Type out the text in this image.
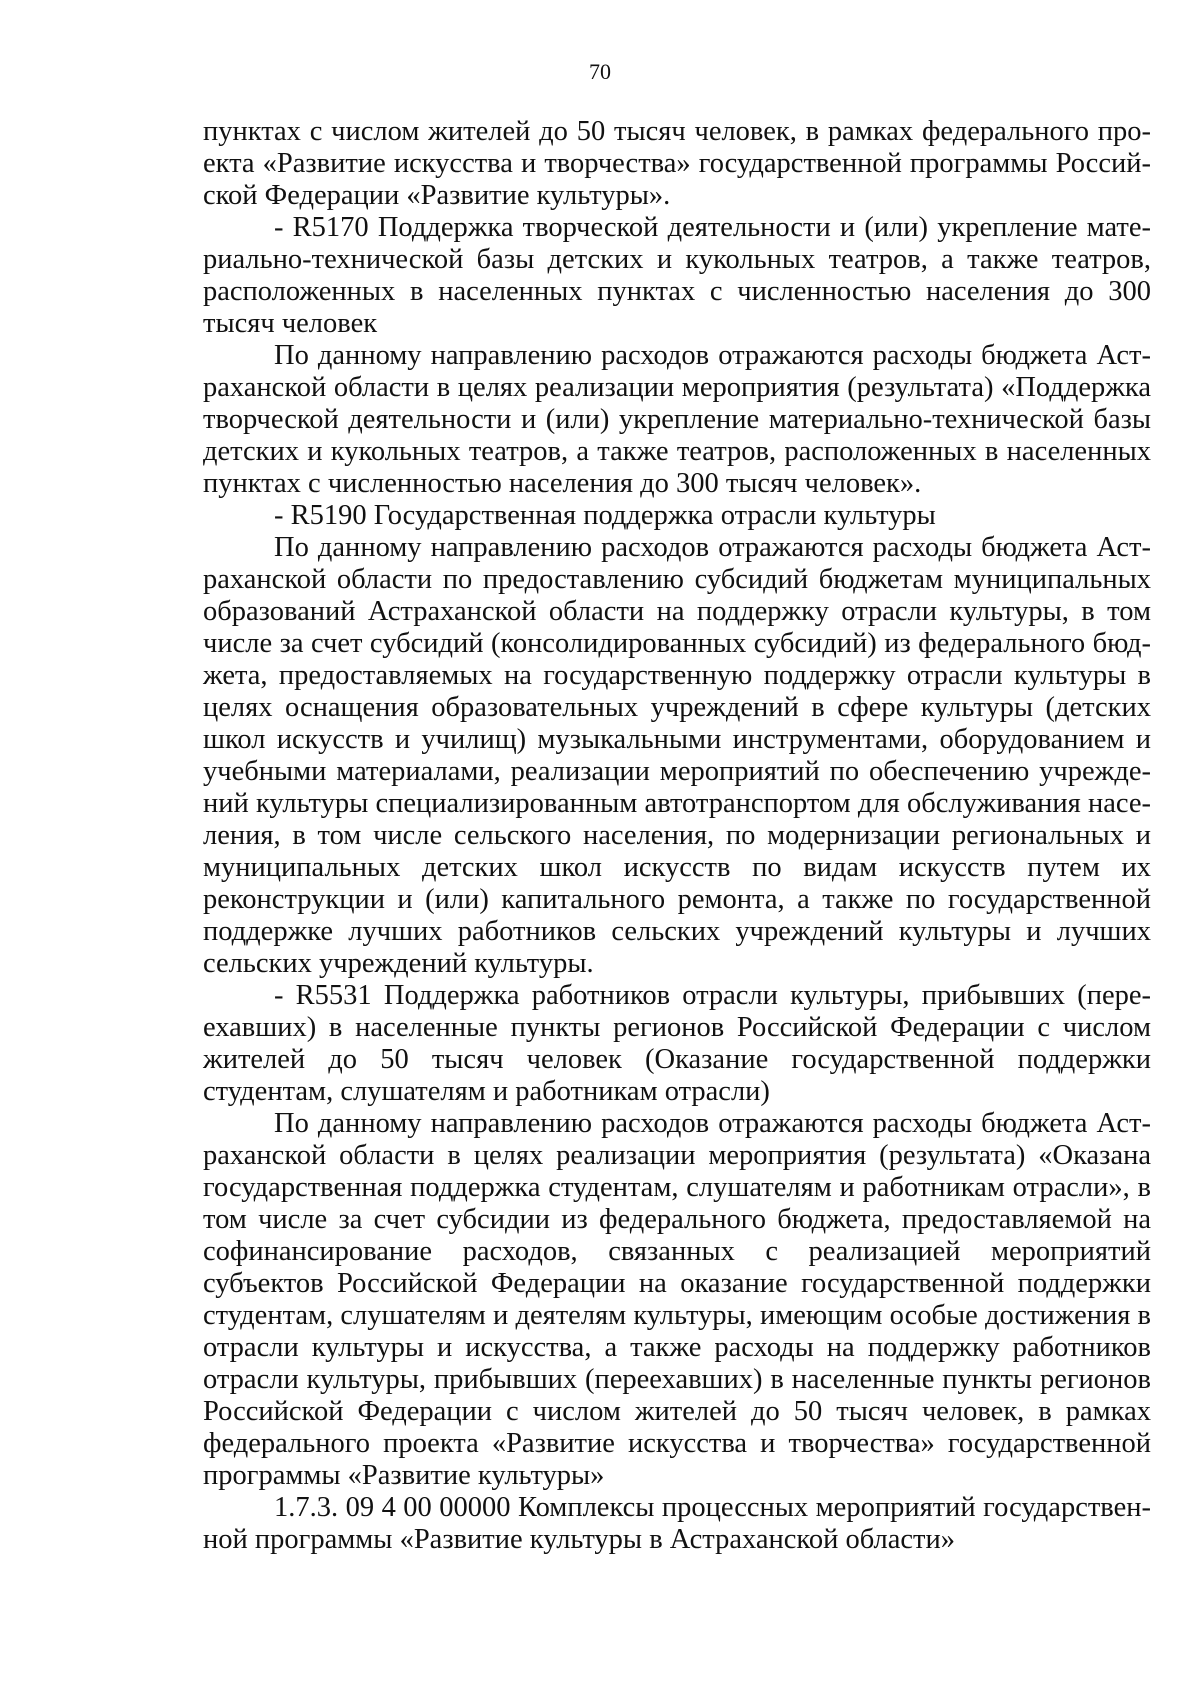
70

пунктах с числом жителей до 50 тысяч человек, в рамках федерального проекта «Развитие искусства и творчества» государственной программы Российской Федерации «Развитие культуры».

- R5170 Поддержка творческой деятельности и (или) укрепление материально-технической базы детских и кукольных театров, а также театров, расположенных в населенных пунктах с численностью населения до 300 тысяч человек

По данному направлению расходов отражаются расходы бюджета Астраханской области в целях реализации мероприятия (результата) «Поддержка творческой деятельности и (или) укрепление материально-технической базы детских и кукольных театров, а также театров, расположенных в населенных пунктах с численностью населения до 300 тысяч человек».

- R5190 Государственная поддержка отрасли культуры

По данному направлению расходов отражаются расходы бюджета Астраханской области по предоставлению субсидий бюджетам муниципальных образований Астраханской области на поддержку отрасли культуры, в том числе за счет субсидий (консолидированных субсидий) из федерального бюджета, предоставляемых на государственную поддержку отрасли культуры в целях оснащения образовательных учреждений в сфере культуры (детских школ искусств и училищ) музыкальными инструментами, оборудованием и учебными материалами, реализации мероприятий по обеспечению учреждений культуры специализированным автотранспортом для обслуживания населения, в том числе сельского населения, по модернизации региональных и муниципальных детских школ искусств по видам искусств путем их реконструкции и (или) капитального ремонта, а также по государственной поддержке лучших работников сельских учреждений культуры и лучших сельских учреждений культуры.

- R5531 Поддержка работников отрасли культуры, прибывших (переехавших) в населенные пункты регионов Российской Федерации с числом жителей до 50 тысяч человек (Оказание государственной поддержки студентам, слушателям и работникам отрасли)

По данному направлению расходов отражаются расходы бюджета Астраханской области в целях реализации мероприятия (результата) «Оказана государственная поддержка студентам, слушателям и работникам отрасли», в том числе за счет субсидии из федерального бюджета, предоставляемой на софинансирование расходов, связанных с реализацией мероприятий субъектов Российской Федерации на оказание государственной поддержки студентам, слушателям и деятелям культуры, имеющим особые достижения в отрасли культуры и искусства, а также расходы на поддержку работников отрасли культуры, прибывших (переехавших) в населенные пункты регионов Российской Федерации с числом жителей до 50 тысяч человек, в рамках федерального проекта «Развитие искусства и творчества» государственной программы «Развитие культуры»

1.7.3. 09 4 00 00000 Комплексы процессных мероприятий государственной программы «Развитие культуры в Астраханской области»
